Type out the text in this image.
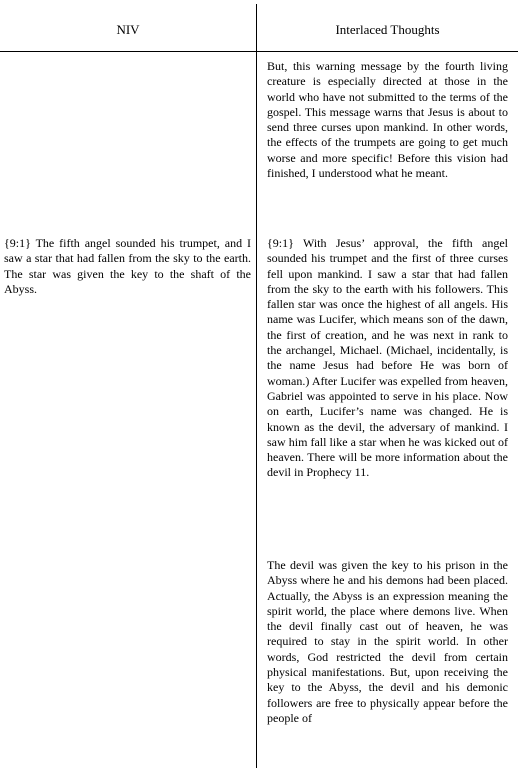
NIV	Interlaced Thoughts

But, this warning message by the fourth living creature is especially directed at those in the world who have not submitted to the terms of the gospel. This message warns that Jesus is about to send three curses upon mankind. In other words, the effects of the trumpets are going to get much worse and more specific! Before this vision had finished, I understood what he meant.

{9:1} The fifth angel sounded his trumpet, and I saw a star that had fallen from the sky to the earth. The star was given the key to the shaft of the Abyss.

{9:1} With Jesus’ approval, the fifth angel sounded his trumpet and the first of three curses fell upon mankind. I saw a star that had fallen from the sky to the earth with his followers. This fallen star was once the highest of all angels. His name was Lucifer, which means son of the dawn, the first of creation, and he was next in rank to the archangel, Michael. (Michael, incidentally, is the name Jesus had before He was born of woman.) After Lucifer was expelled from heaven, Gabriel was appointed to serve in his place. Now on earth, Lucifer’s name was changed. He is known as the devil, the adversary of mankind. I saw him fall like a star when he was kicked out of heaven. There will be more information about the devil in Prophecy 11.

The devil was given the key to his prison in the Abyss where he and his demons had been placed. Actually, the Abyss is an expression meaning the spirit world, the place where demons live. When the devil finally cast out of heaven, he was required to stay in the spirit world. In other words, God restricted the devil from certain physical manifestations. But, upon receiving the key to the Abyss, the devil and his demonic followers are free to physically appear before the people of
